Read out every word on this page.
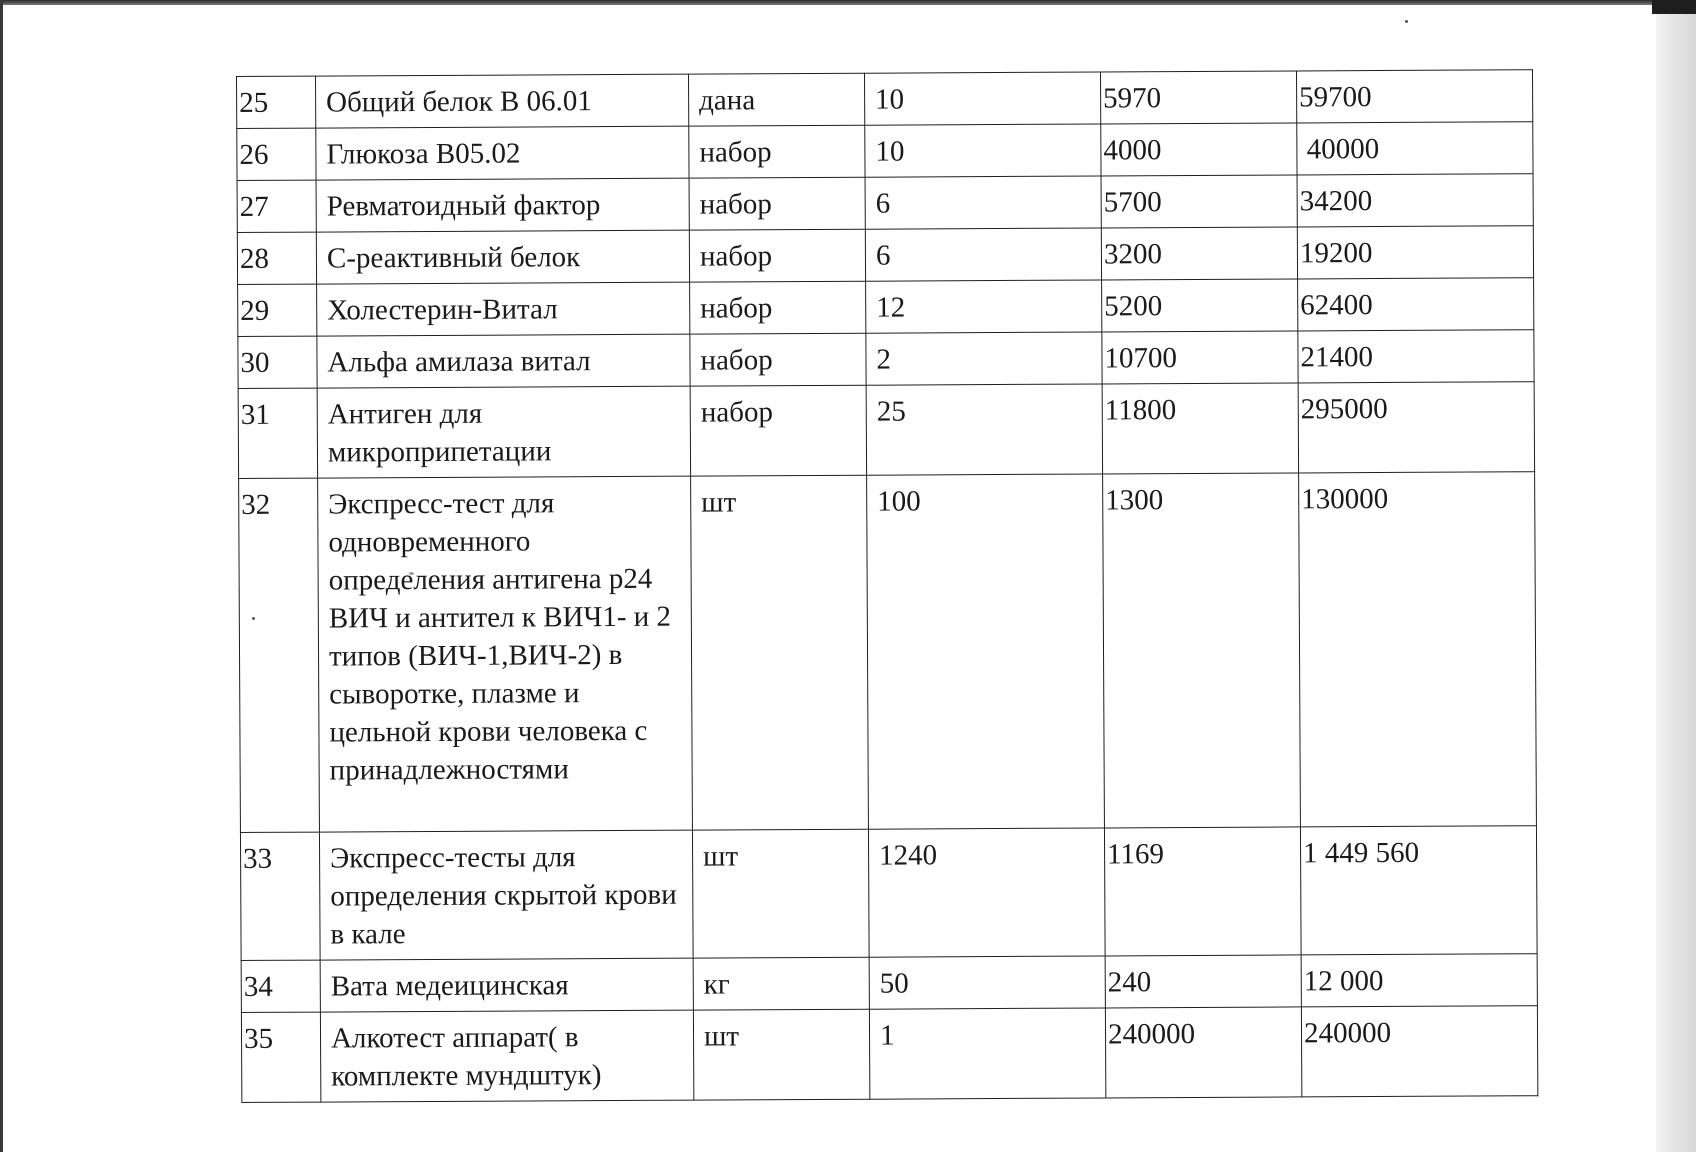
25	Общий белок В 06.01	дана	10	5970	59700
26	Глюкоза В05.02	набор	10	4000	40000
27	Ревматоидный фактор	набор	6	5700	34200
28	С-реактивный белок	набор	6	3200	19200
29	Холестерин-Витал	набор	12	5200	62400
30	Альфа амилаза витал	набор	2	10700	21400
31	Антиген для микроприпетации	набор	25	11800	295000
32	Экспресс-тест для одновременного определения антигена р24 ВИЧ и антител к ВИЧ1- и 2 типов (ВИЧ-1,ВИЧ-2) в сыворотке, плазме и цельной крови человека с принадлежностями	шт	100	1300	130000
33	Экспресс-тесты для определения скрытой крови в кале	шт	1240	1169	1 449 560
34	Вата медеицинская	кг	50	240	12 000
35	Алкотест аппарат( в комплекте мундштук)	шт	1	240000	240000
